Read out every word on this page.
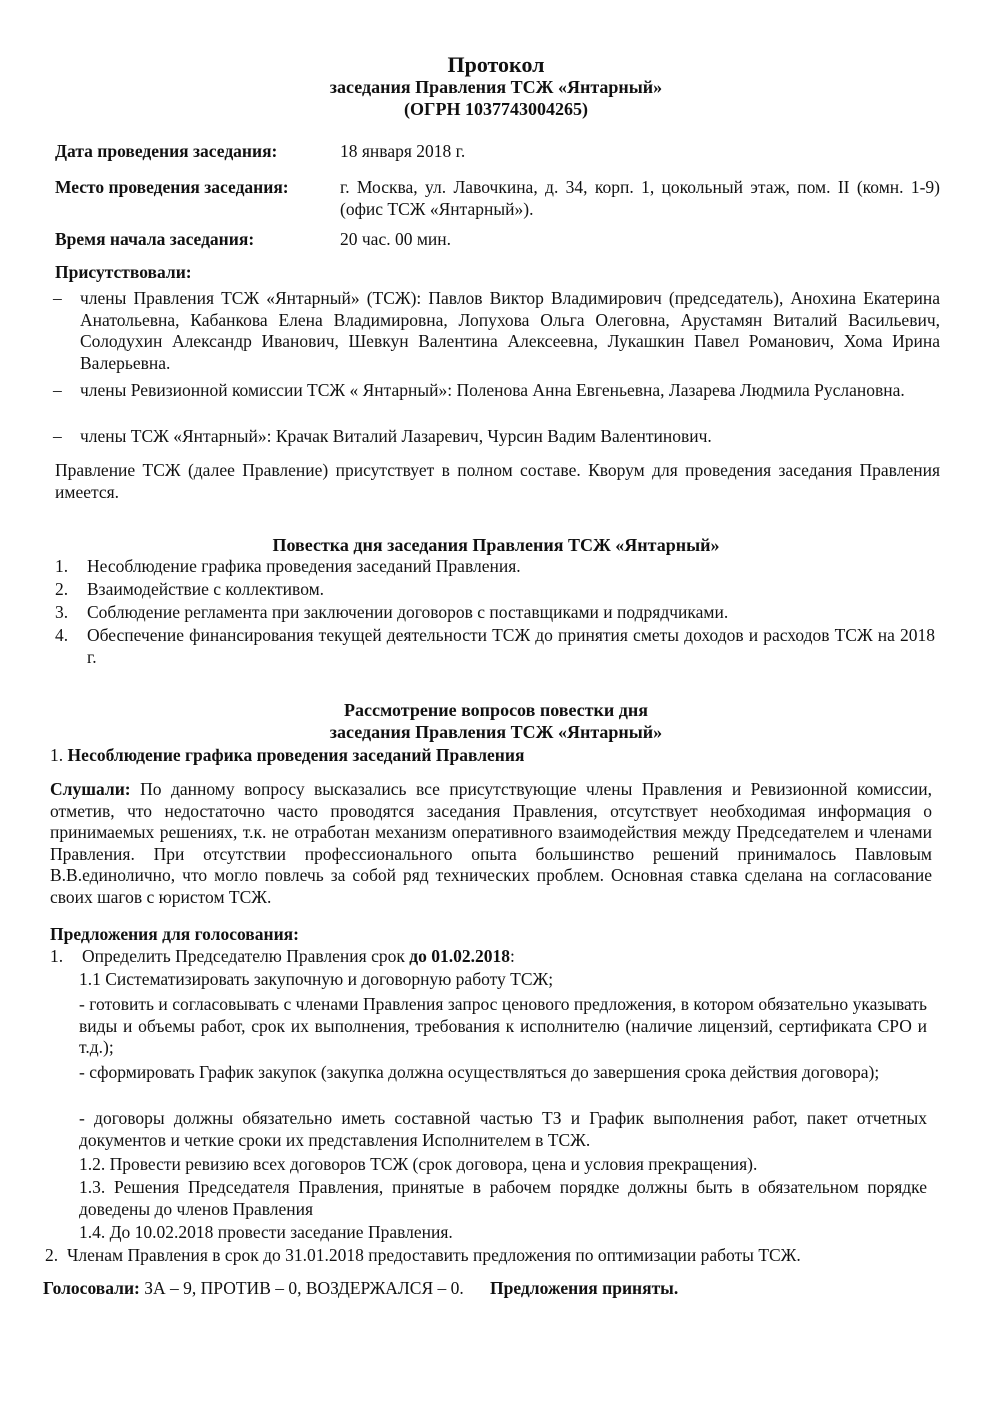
Протокол
заседания Правления ТСЖ «Янтарный»
(ОГРН 1037743004265)
Дата проведения заседания:	18 января 2018 г.
Место проведения заседания:	г. Москва, ул. Лавочкина, д. 34, корп. 1, цокольный этаж, пом. II (комн. 1-9) (офис ТСЖ «Янтарный»).
Время начала заседания:	20 час. 00 мин.
Присутствовали:
– члены Правления ТСЖ «Янтарный» (ТСЖ): Павлов Виктор Владимирович (председатель), Анохина Екатерина Анатольевна, Кабанкова Елена Владимировна, Лопухова Ольга Олеговна, Арустамян Виталий Васильевич, Солодухин Александр Иванович, Шевкун Валентина Алексеевна, Лукашкин Павел Романович, Хома Ирина Валерьевна.
– члены Ревизионной комиссии ТСЖ « Янтарный»: Поленова Анна Евгеньевна, Лазарева Людмила Руслановна.
– члены ТСЖ «Янтарный»: Крачак Виталий Лазаревич, Чурсин Вадим Валентинович.
Правление ТСЖ (далее Правление) присутствует в полном составе. Кворум для проведения заседания Правления имеется.
Повестка дня заседания Правления ТСЖ «Янтарный»
1. Несоблюдение графика проведения заседаний Правления.
2. Взаимодействие с коллективом.
3. Соблюдение регламента при заключении договоров с поставщиками и подрядчиками.
4. Обеспечение финансирования текущей деятельности ТСЖ до принятия сметы доходов и расходов ТСЖ на 2018 г.
Рассмотрение вопросов повестки дня
заседания Правления ТСЖ «Янтарный»
1. Несоблюдение графика проведения заседаний Правления
Слушали: По данному вопросу высказались все присутствующие члены Правления и Ревизионной комиссии, отметив, что недостаточно часто проводятся заседания Правления, отсутствует необходимая информация о принимаемых решениях, т.к. не отработан механизм оперативного взаимодействия между Председателем и членами Правления. При отсутствии профессионального опыта большинство решений принималось Павловым В.В.единолично, что могло повлечь за собой ряд технических проблем. Основная ставка сделана на согласование своих шагов с юристом ТСЖ.
Предложения для голосования:
1. Определить Председателю Правления срок до 01.02.2018:
1.1 Систематизировать закупочную и договорную работу ТСЖ;
- готовить и согласовывать с членами Правления запрос ценового предложения, в котором обязательно указывать виды и объемы работ, срок их выполнения, требования к исполнителю (наличие лицензий, сертификата СРО и т.д.);
- сформировать График закупок (закупка должна осуществляться до завершения срока действия договора);
- договоры должны обязательно иметь составной частью ТЗ и График выполнения работ, пакет отчетных документов и четкие сроки их представления Исполнителем в ТСЖ.
1.2. Провести ревизию всех договоров ТСЖ (срок договора, цена и условия прекращения).
1.3. Решения Председателя Правления, принятые в рабочем порядке должны быть в обязательном порядке доведены до членов Правления
1.4. До 10.02.2018 провести заседание Правления.
2. Членам Правления в срок до 31.01.2018 предоставить предложения по оптимизации работы ТСЖ.
Голосовали: ЗА – 9, ПРОТИВ – 0, ВОЗДЕРЖАЛСЯ – 0. Предложения приняты.
